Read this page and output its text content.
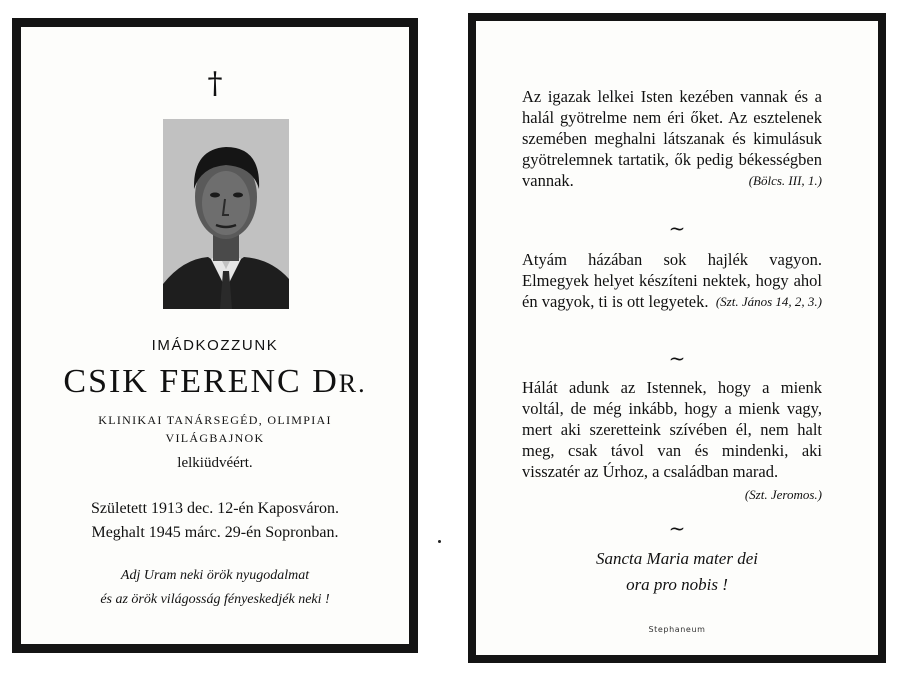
†
IMÁDKOZZUNK
CSIK FERENC DR.
KLINIKAI TANÁRSEGÉD, OLIMPIAI
VILÁGBAJNOK
lelkiüdvéért.
Született 1913 dec. 12-én Kaposváron.
Meghalt 1945 márc. 29-én Sopronban.
Adj Uram neki örök nyugodalmat
és az örök világosság fényeskedjék neki !
Az igazak lelkei Isten kezében vannak és a halál gyötrelme nem éri őket. Az esztelenek szemében meghalni látszanak és kimulásuk gyötrelemnek tartatik, ők pedig békességben vannak.	(Bölcs. III, 1.)
~
Atyám házában sok hajlék vagyon. Elmegyek helyet készíteni nektek, hogy ahol én vagyok, ti is ott legyetek. (Szt. János 14, 2, 3.)
~
Hálát adunk az Istennek, hogy a mienk voltál, de még inkább, hogy a mienk vagy, mert aki szeretteink szívében él, nem halt meg, csak távol van és mindenki, aki visszatér az Úrhoz, a családban marad.
(Szt. Jeromos.)
~
Sancta Maria mater dei
ora pro nobis !
Stephaneum
